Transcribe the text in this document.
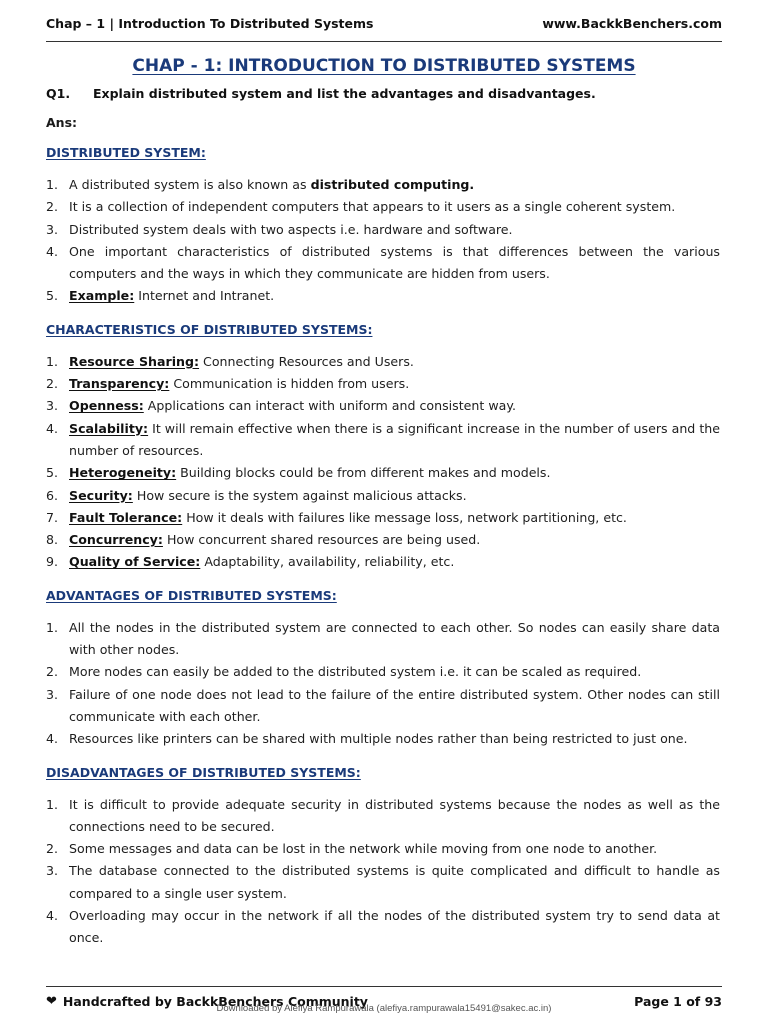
Chap – 1 | Introduction To Distributed Systems	www.BackkBenchers.com
CHAP - 1: INTRODUCTION TO DISTRIBUTED SYSTEMS
Q1.	Explain distributed system and list the advantages and disadvantages.
Ans:
DISTRIBUTED SYSTEM:
1. A distributed system is also known as distributed computing.
2. It is a collection of independent computers that appears to it users as a single coherent system.
3. Distributed system deals with two aspects i.e. hardware and software.
4. One important characteristics of distributed systems is that differences between the various computers and the ways in which they communicate are hidden from users.
5. Example: Internet and Intranet.
CHARACTERISTICS OF DISTRIBUTED SYSTEMS:
1. Resource Sharing: Connecting Resources and Users.
2. Transparency: Communication is hidden from users.
3. Openness: Applications can interact with uniform and consistent way.
4. Scalability: It will remain effective when there is a significant increase in the number of users and the number of resources.
5. Heterogeneity: Building blocks could be from different makes and models.
6. Security: How secure is the system against malicious attacks.
7. Fault Tolerance: How it deals with failures like message loss, network partitioning, etc.
8. Concurrency: How concurrent shared resources are being used.
9. Quality of Service: Adaptability, availability, reliability, etc.
ADVANTAGES OF DISTRIBUTED SYSTEMS:
1. All the nodes in the distributed system are connected to each other. So nodes can easily share data with other nodes.
2. More nodes can easily be added to the distributed system i.e. it can be scaled as required.
3. Failure of one node does not lead to the failure of the entire distributed system. Other nodes can still communicate with each other.
4. Resources like printers can be shared with multiple nodes rather than being restricted to just one.
DISADVANTAGES OF DISTRIBUTED SYSTEMS:
1. It is difficult to provide adequate security in distributed systems because the nodes as well as the connections need to be secured.
2. Some messages and data can be lost in the network while moving from one node to another.
3. The database connected to the distributed systems is quite complicated and difficult to handle as compared to a single user system.
4. Overloading may occur in the network if all the nodes of the distributed system try to send data at once.
❤ Handcrafted by BackkBenchers Community	Page 1 of 93
Downloaded by Alefiya Rampurawala (alefiya.rampurawala15491@sakec.ac.in)
